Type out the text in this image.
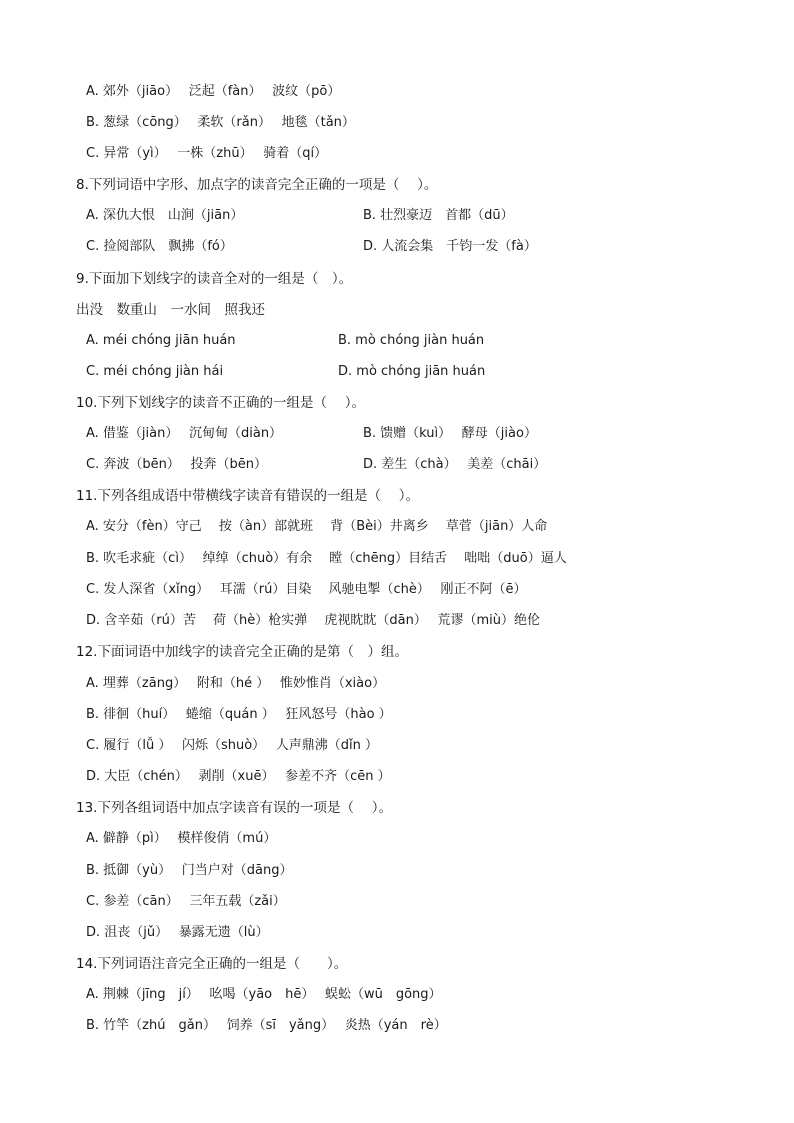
A. 郊外（jiāo）　 泛起（fàn）　 波纹（pō）
B. 葱绿（cōng）　 柔软（rǎn）　 地毯（tǎn）
C. 异常（yì）　 一株（zhū）　 骑着（qí）
8.下列词语中字形、加点字的读音完全正确的一项是（　 ）。
A. 深仇大恨　山涧（jiān）	B. 壮烈豪迈　首都（dū）
C. 捡阅部队　飘拂（fó）	D. 人流会集　千钧一发（fà）
9.下面加下划线字的读音全对的一组是（　）。
出没　数重山　一水间　照我还
A. méi chóng jiān huán	B. mò chóng jiàn huán
C. méi chóng jiàn hái	D. mò chóng jiān huán
10.下列下划线字的读音不正确的一组是（　 ）。
A. 借鉴（jiàn）　 沉甸甸（diàn）	B. 馈赠（kuì）　 酵母（jiào）
C. 奔波（bēn）　 投奔（bēn）	D. 差生（chà）　 美差（chāi）
11.下列各组成语中带横线字读音有错误的一组是（　 ）。
A. 安分（fèn）守己　 按（àn）部就班　 背（Bèi）井离乡　 草菅（jiān）人命
B. 吹毛求疵（cì）　 绰绰（chuò）有余　 瞠（chēng）目结舌　 咄咄（duō）逼人
C. 发人深省（xǐng）　 耳濡（rú）目染　 风驰电掣（chè）　 刚正不阿（ē）
D. 含辛茹（rú）苦　 荷（hè）枪实弹　 虎视眈眈（dān）　 荒谬（miù）绝伦
12.下面词语中加线字的读音完全正确的是第（　）组。
A. 埋葬（zāng）　 附和（hé ）　 惟妙惟肖（xiào）
B. 徘徊（huí）　 蜷缩（quán ）　 狂风怒号（hào ）
C. 履行（lǚ ）　 闪烁（shuò）　 人声鼎沸（dǐn ）
D. 大臣（chén）　 剥削（xuē）　 参差不齐（cēn ）
13.下列各组词语中加点字读音有误的一项是（　 ）。
A. 僻静（pì）　 模样俊俏（mú）
B. 抵御（yù）　 门当户对（dāng）
C. 参差（cān）　 三年五载（zǎi）
D. 沮丧（jǔ）　 暴露无遗（lù）
14.下列词语注音完全正确的一组是（　　）。
A. 荆棘（jīng　jí）　 吆喝（yāo　hē）　 蜈蚣（wū　gōng）
B. 竹竿（zhú　gǎn）　 饲养（sī　yǎng）　 炎热（yán　rè）
